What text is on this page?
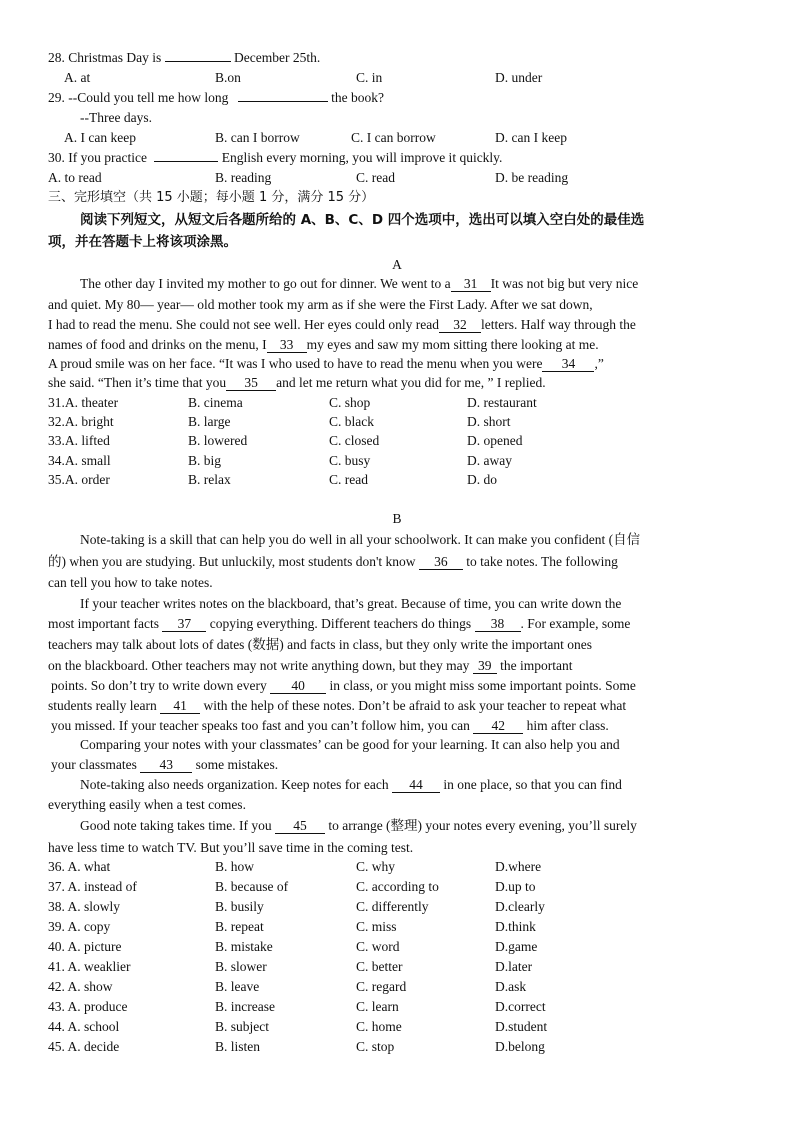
28. Christmas Day is	December 25th.
A. at	B.on	C. in	D. under
29. --Could you tell me how long	the book?
--Three days.
A. I can keep	B. can I borrow	C. I can borrow	D. can I keep
30. If you practice	English every morning, you will improve it quickly.
A. to read	B. reading	C. read	D. be reading
三、完形填空（共 15 小题；每小题 1 分，满分 15 分）
阅读下列短文，从短文后各题所给的 A、B、C、D 四个选项中，选出可以填入空白处的最佳选
项，并在答题卡上将该项涂黑。
A
The other day I invited my mother to go out for dinner. We went to a 31 It was not big but very nice
and quiet. My 80— year— old mother took my arm as if she were the First Lady. After we sat down,
I had to read the menu. She could not see well. Her eyes could only read 32 letters. Half way through the
names of food and drinks on the menu, I 33 my eyes and saw my mom sitting there looking at me.
A proud smile was on her face. “It was I who used to have to read the menu when you were 34 ,”
she said. “Then it’s time that you 35 and let me return what you did for me, ” I replied.
31.A. theater	B. cinema	C. shop	D. restaurant
32.A. bright	B. large	C. black	D. short
33.A. lifted	B. lowered	C. closed	D. opened
34.A. small	B. big	C. busy	D. away
35.A. order	B. relax	C. read	D. do
B
Note-taking is a skill that can help you do well in all your schoolwork. It can make you confident (自信
的) when you are studying. But unluckily, most students don't know 36 to take notes. The following
can tell you how to take notes.
If your teacher writes notes on the blackboard, that’s great. Because of time, you can write down the
most important facts 37 copying everything. Different teachers do things 38 . For example, some
teachers may talk about lots of dates (数据) and facts in class, but they only write the important ones
on the blackboard. Other teachers may not write anything down, but they may 39 the important
points. So don’t try to write down every 40 in class, or you might miss some important points. Some
students really learn 41 with the help of these notes. Don’t be afraid to ask your teacher to repeat what
you missed. If your teacher speaks too fast and you can’t follow him, you can 42 him after class.
Comparing your notes with your classmates’ can be good for your learning. It can also help you and
your classmates 43 some mistakes.
Note-taking also needs organization. Keep notes for each 44 in one place, so that you can find
everything easily when a test comes.
Good note taking takes time. If you 45 to arrange (整理) your notes every evening, you’ll surely
have less time to watch TV. But you’ll save time in the coming test.
36. A. what	B. how	C. why	D.where
37. A. instead of	B. because of	C. according to	D.up to
38. A. slowly	B. busily	C. differently	D.clearly
39. A. copy	B. repeat	C. miss	D.think
40. A. picture	B. mistake	C. word	D.game
41. A. weaklier	B. slower	C. better	D.later
42. A. show	B. leave	C. regard	D.ask
43. A. produce	B. increase	C. learn	D.correct
44. A. school	B. subject	C. home	D.student
45. A. decide	B. listen	C. stop	D.belong
